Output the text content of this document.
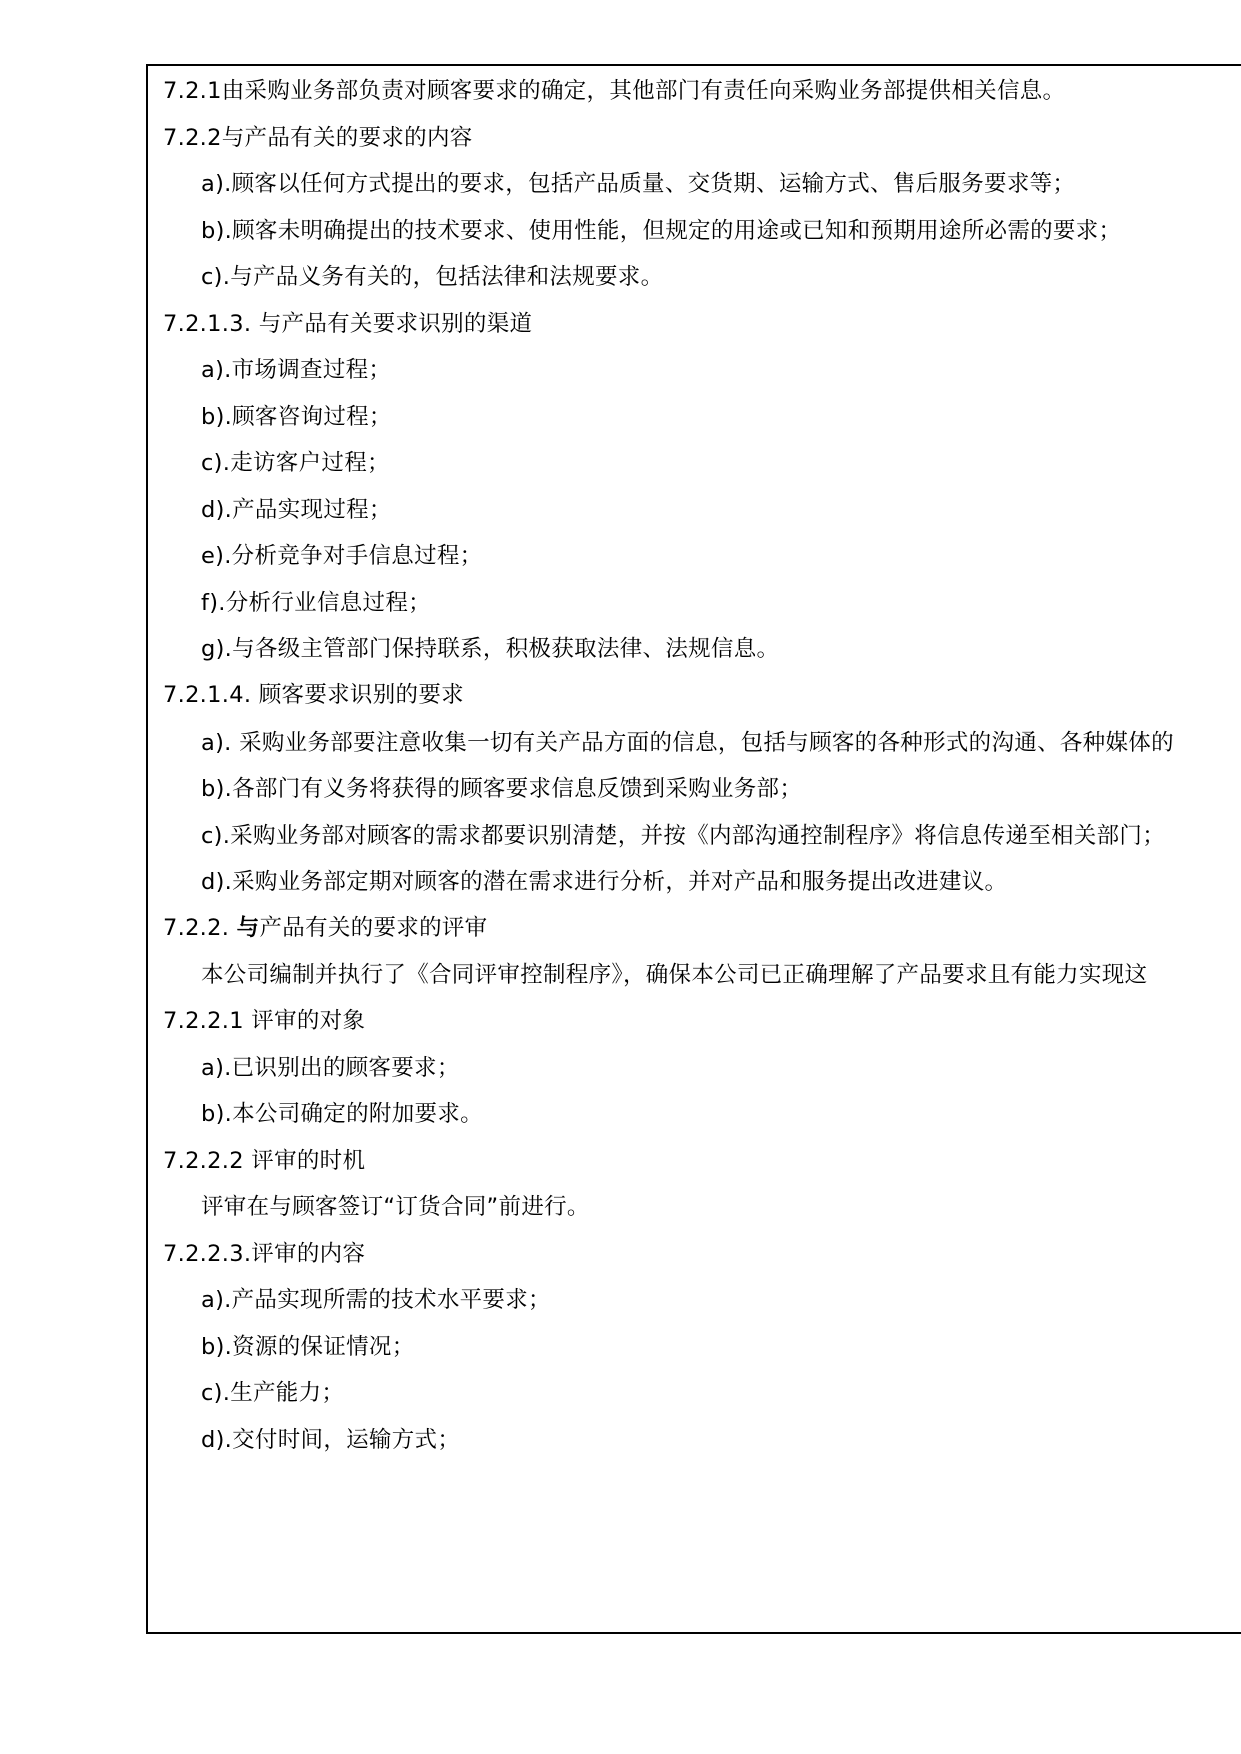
7.2.1由采购业务部负责对顾客要求的确定，其他部门有责任向采购业务部提供相关信息。
7.2.2与产品有关的要求的内容
a).顾客以任何方式提出的要求，包括产品质量、交货期、运输方式、售后服务要求等；
b).顾客未明确提出的技术要求、使用性能，但规定的用途或已知和预期用途所必需的要求；
c).与产品义务有关的，包括法律和法规要求。
7.2.1.3. 与产品有关要求识别的渠道
a).市场调查过程；
b).顾客咨询过程；
c).走访客户过程；
d).产品实现过程；
e).分析竞争对手信息过程；
f).分析行业信息过程；
g).与各级主管部门保持联系，积极获取法律、法规信息。
7.2.1.4. 顾客要求识别的要求
a). 采购业务部要注意收集一切有关产品方面的信息，包括与顾客的各种形式的沟通、各种媒体的
b).各部门有义务将获得的顾客要求信息反馈到采购业务部；
c).采购业务部对顾客的需求都要识别清楚，并按《内部沟通控制程序》将信息传递至相关部门；
d).采购业务部定期对顾客的潜在需求进行分析，并对产品和服务提出改进建议。
7.2.2. 与产品有关的要求的评审
本公司编制并执行了《合同评审控制程序》，确保本公司已正确理解了产品要求且有能力实现这
7.2.2.1 评审的对象
a).已识别出的顾客要求；
b).本公司确定的附加要求。
7.2.2.2 评审的时机
评审在与顾客签订“订货合同”前进行。
7.2.2.3.评审的内容
a).产品实现所需的技术水平要求；
b).资源的保证情况；
c).生产能力；
d).交付时间，运输方式；
